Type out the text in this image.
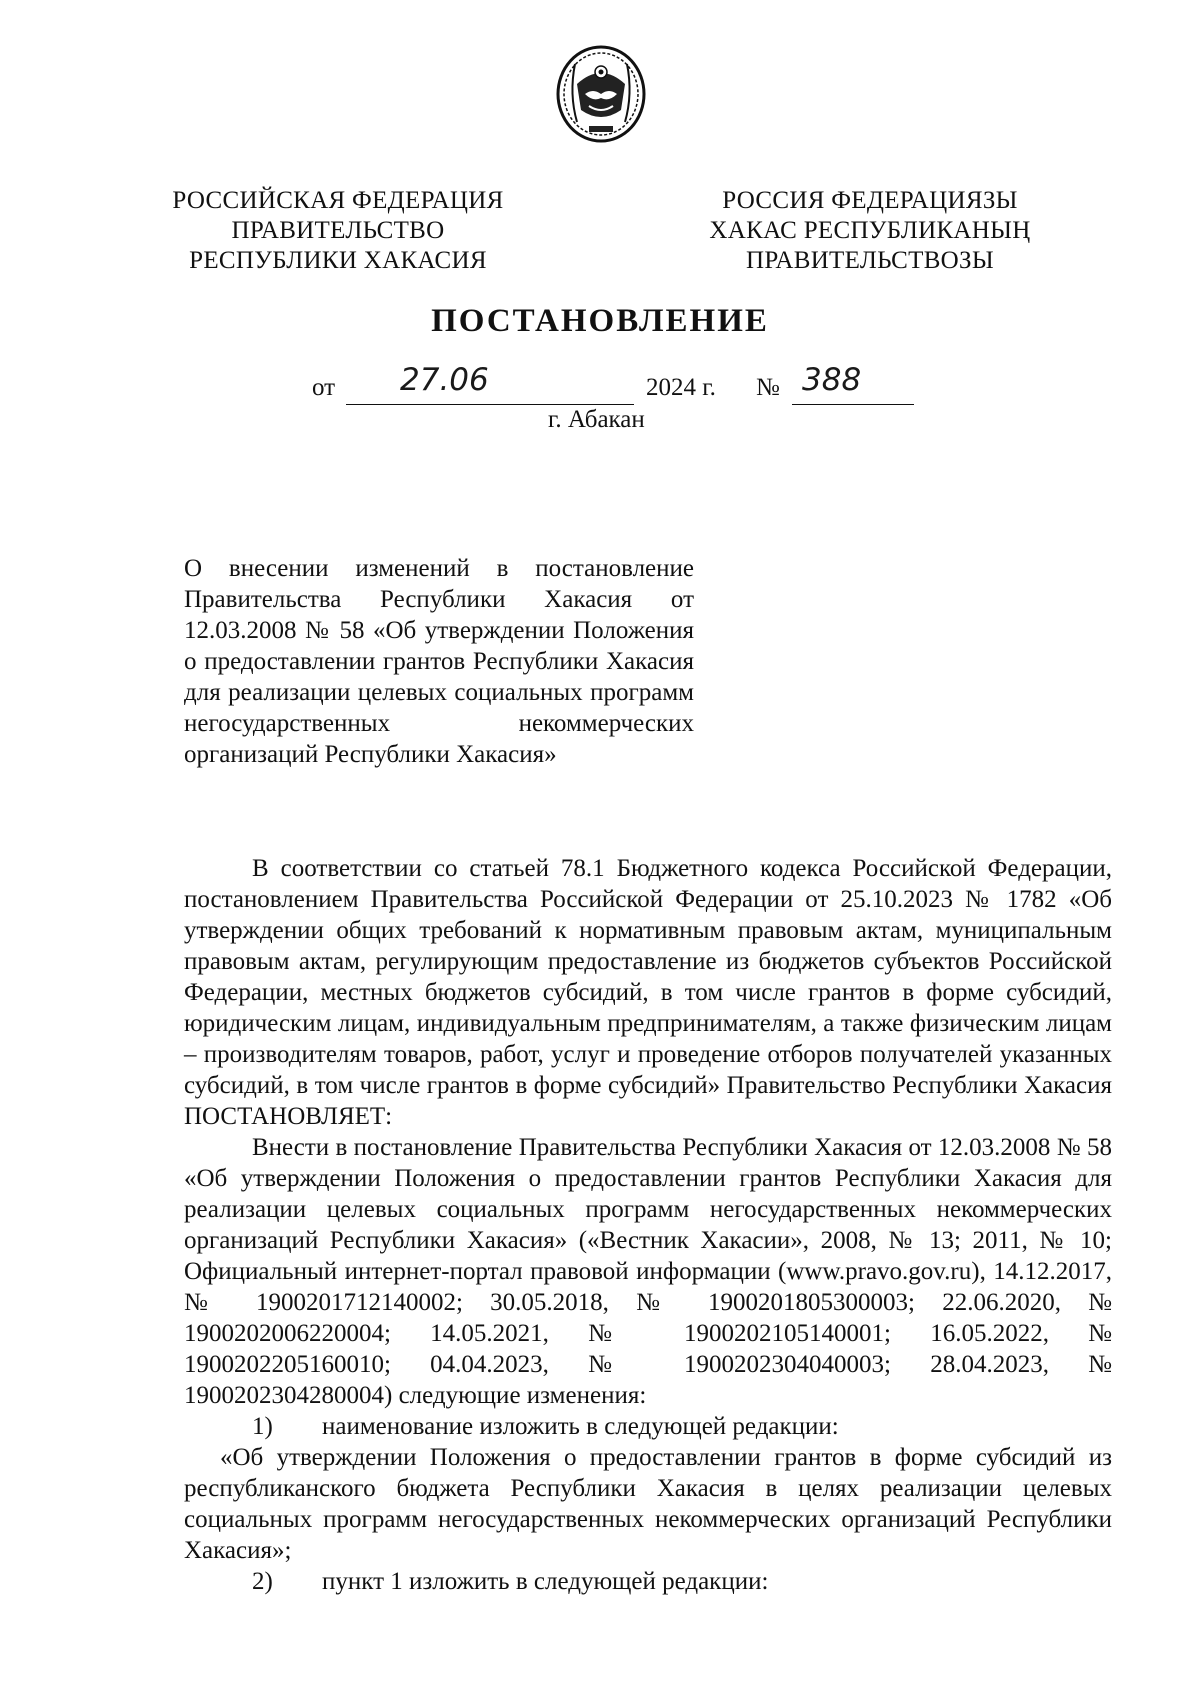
РОССИЙСКАЯ ФЕДЕРАЦИЯ
ПРАВИТЕЛЬСТВО
РЕСПУБЛИКИ ХАКАСИЯ
РОССИЯ ФЕДЕРАЦИЯЗЫ
ХАКАС РЕСПУБЛИКАНЫҢ
ПРАВИТЕЛЬСТВОЗЫ
ПОСТАНОВЛЕНИЕ
от 27.06	2024 г. № 388
г. Абакан
О внесении изменений в постановление Правительства Республики Хакасия от 12.03.2008 № 58 «Об утверждении Положения о предоставлении грантов Республики Хакасия для реализации целевых социальных программ негосударственных некоммерческих организаций Республики Хакасия»

В соответствии со статьей 78.1 Бюджетного кодекса Российской Федерации, постановлением Правительства Российской Федерации от 25.10.2023 № 1782 «Об утверждении общих требований к нормативным правовым актам, муниципальным правовым актам, регулирующим предоставление из бюджетов субъектов Российской Федерации, местных бюджетов субсидий, в том числе грантов в форме субсидий, юридическим лицам, индивидуальным предпринимателям, а также физическим лицам – производителям товаров, работ, услуг и проведение отборов получателей указанных субсидий, в том числе грантов в форме субсидий» Правительство Республики Хакасия ПОСТАНОВЛЯЕТ:

Внести в постановление Правительства Республики Хакасия от 12.03.2008 № 58 «Об утверждении Положения о предоставлении грантов Республики Хакасия для реализации целевых социальных программ негосударственных некоммерческих организаций Республики Хакасия» («Вестник Хакасии», 2008, № 13; 2011, № 10; Официальный интернет-портал правовой информации (www.pravo.gov.ru), 14.12.2017, № 1900201712140002; 30.05.2018, № 1900201805300003; 22.06.2020, № 1900202006220004; 14.05.2021, № 1900202105140001; 16.05.2022, № 1900202205160010; 04.04.2023, № 1900202304040003; 28.04.2023, № 1900202304280004) следующие изменения:

1)	наименование изложить в следующей редакции:

«Об утверждении Положения о предоставлении грантов в форме субсидий из республиканского бюджета Республики Хакасия в целях реализации целевых социальных программ негосударственных некоммерческих организаций Республики Хакасия»;

2)	пункт 1 изложить в следующей редакции:
